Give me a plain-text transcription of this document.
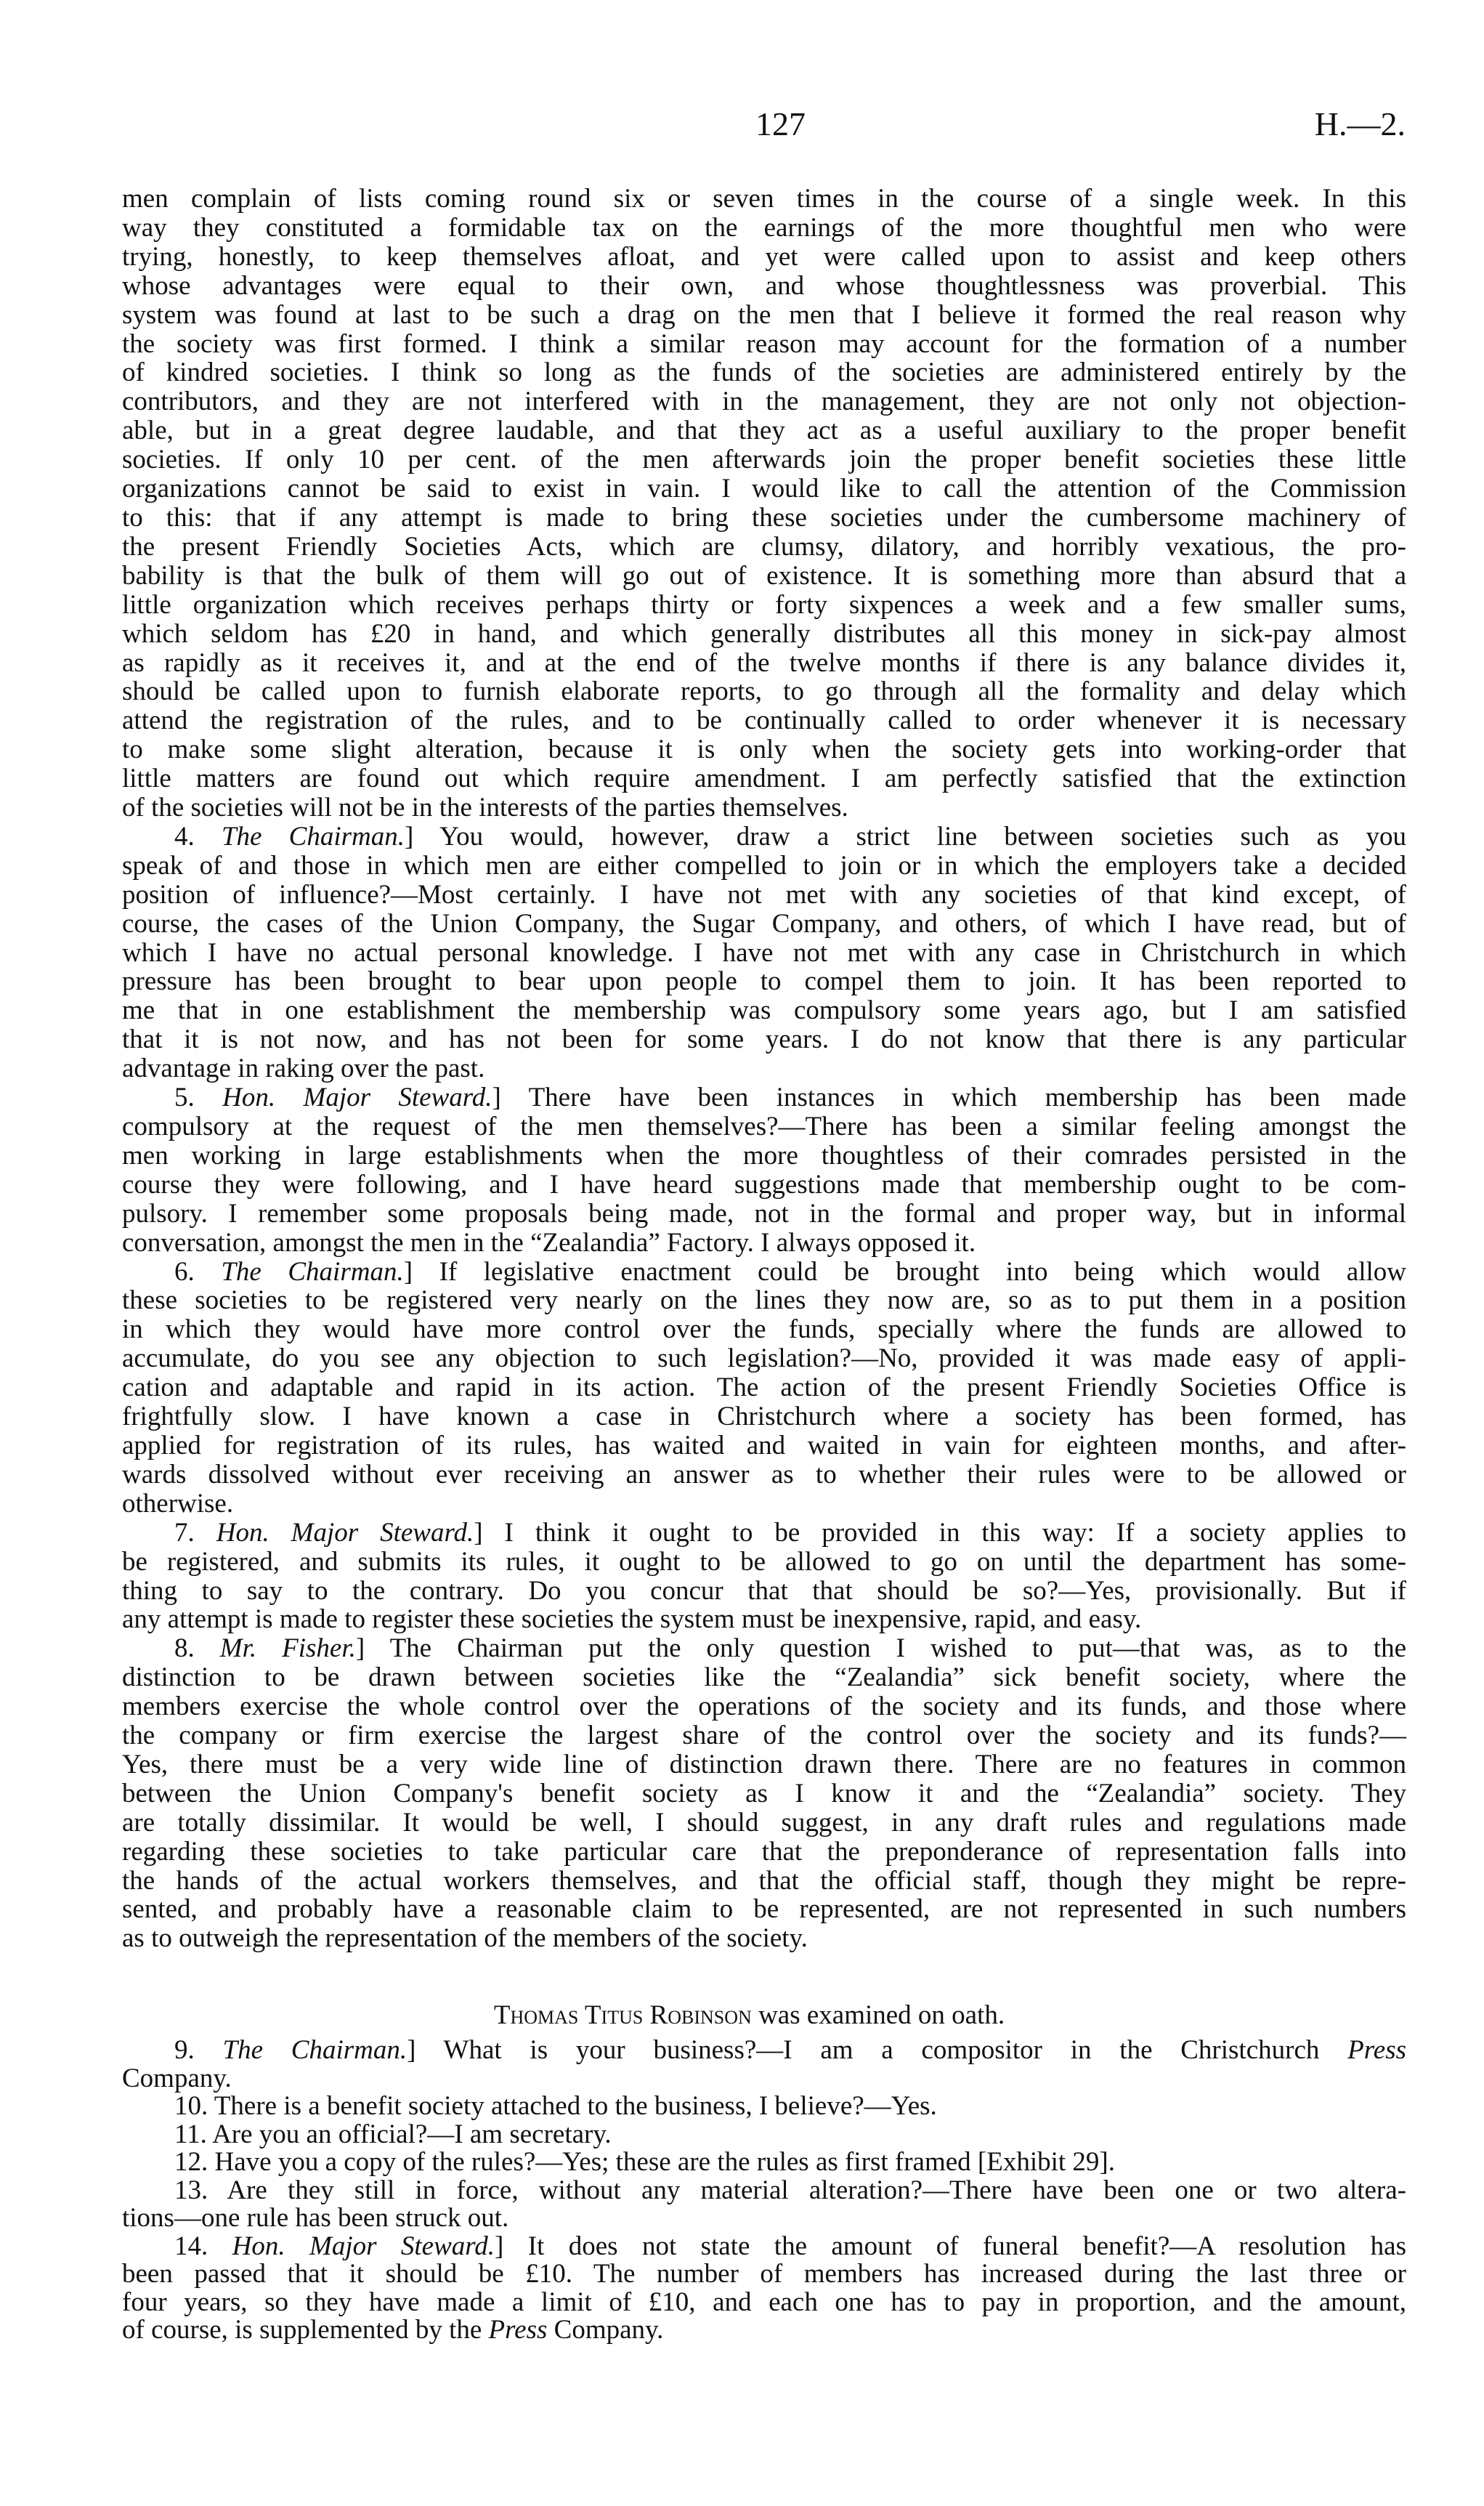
127	H.—2.
men complain of lists coming round six or seven times in the course of a single week. In this
way they constituted a formidable tax on the earnings of the more thoughtful men who were
trying, honestly, to keep themselves afloat, and yet were called upon to assist and keep others
whose advantages were equal to their own, and whose thoughtlessness was proverbial. This
system was found at last to be such a drag on the men that I believe it formed the real reason why
the society was first formed. I think a similar reason may account for the formation of a number
of kindred societies. I think so long as the funds of the societies are administered entirely by the
contributors, and they are not interfered with in the management, they are not only not objection-
able, but in a great degree laudable, and that they act as a useful auxiliary to the proper benefit
societies. If only 10 per cent. of the men afterwards join the proper benefit societies these little
organizations cannot be said to exist in vain. I would like to call the attention of the Commission
to this: that if any attempt is made to bring these societies under the cumbersome machinery of
the present Friendly Societies Acts, which are clumsy, dilatory, and horribly vexatious, the pro-
bability is that the bulk of them will go out of existence. It is something more than absurd that a
little organization which receives perhaps thirty or forty sixpences a week and a few smaller sums,
which seldom has £20 in hand, and which generally distributes all this money in sick-pay almost
as rapidly as it receives it, and at the end of the twelve months if there is any balance divides it,
should be called upon to furnish elaborate reports, to go through all the formality and delay which
attend the registration of the rules, and to be continually called to order whenever it is necessary
to make some slight alteration, because it is only when the society gets into working-order that
little matters are found out which require amendment. I am perfectly satisfied that the extinction
of the societies will not be in the interests of the parties themselves.
4. The Chairman.] You would, however, draw a strict line between societies such as you
speak of and those in which men are either compelled to join or in which the employers take a decided
position of influence?—Most certainly. I have not met with any societies of that kind except, of
course, the cases of the Union Company, the Sugar Company, and others, of which I have read, but of
which I have no actual personal knowledge. I have not met with any case in Christchurch in which
pressure has been brought to bear upon people to compel them to join. It has been reported to
me that in one establishment the membership was compulsory some years ago, but I am satisfied
that it is not now, and has not been for some years. I do not know that there is any particular
advantage in raking over the past.
5. Hon. Major Steward.] There have been instances in which membership has been made
compulsory at the request of the men themselves?—There has been a similar feeling amongst the
men working in large establishments when the more thoughtless of their comrades persisted in the
course they were following, and I have heard suggestions made that membership ought to be com-
pulsory. I remember some proposals being made, not in the formal and proper way, but in informal
conversation, amongst the men in the “Zealandia” Factory. I always opposed it.
6. The Chairman.] If legislative enactment could be brought into being which would allow
these societies to be registered very nearly on the lines they now are, so as to put them in a position
in which they would have more control over the funds, specially where the funds are allowed to
accumulate, do you see any objection to such legislation?—No, provided it was made easy of appli-
cation and adaptable and rapid in its action. The action of the present Friendly Societies Office is
frightfully slow. I have known a case in Christchurch where a society has been formed, has
applied for registration of its rules, has waited and waited in vain for eighteen months, and after-
wards dissolved without ever receiving an answer as to whether their rules were to be allowed or
otherwise.
7. Hon. Major Steward.] I think it ought to be provided in this way: If a society applies to
be registered, and submits its rules, it ought to be allowed to go on until the department has some-
thing to say to the contrary. Do you concur that that should be so?—Yes, provisionally. But if
any attempt is made to register these societies the system must be inexpensive, rapid, and easy.
8. Mr. Fisher.] The Chairman put the only question I wished to put—that was, as to the
distinction to be drawn between societies like the “Zealandia” sick benefit society, where the
members exercise the whole control over the operations of the society and its funds, and those where
the company or firm exercise the largest share of the control over the society and its funds?—
Yes, there must be a very wide line of distinction drawn there. There are no features in common
between the Union Company's benefit society as I know it and the “Zealandia” society. They
are totally dissimilar. It would be well, I should suggest, in any draft rules and regulations made
regarding these societies to take particular care that the preponderance of representation falls into
the hands of the actual workers themselves, and that the official staff, though they might be repre-
sented, and probably have a reasonable claim to be represented, are not represented in such numbers
as to outweigh the representation of the members of the society.
Thomas Titus Robinson was examined on oath.
9. The Chairman.] What is your business?—I am a compositor in the Christchurch Press
Company.
10. There is a benefit society attached to the business, I believe?—Yes.
11. Are you an official?—I am secretary.
12. Have you a copy of the rules?—Yes; these are the rules as first framed [Exhibit 29].
13. Are they still in force, without any material alteration?—There have been one or two altera-
tions—one rule has been struck out.
14. Hon. Major Steward.] It does not state the amount of funeral benefit?—A resolution has
been passed that it should be £10. The number of members has increased during the last three or
four years, so they have made a limit of £10, and each one has to pay in proportion, and the amount,
of course, is supplemented by the Press Company.
